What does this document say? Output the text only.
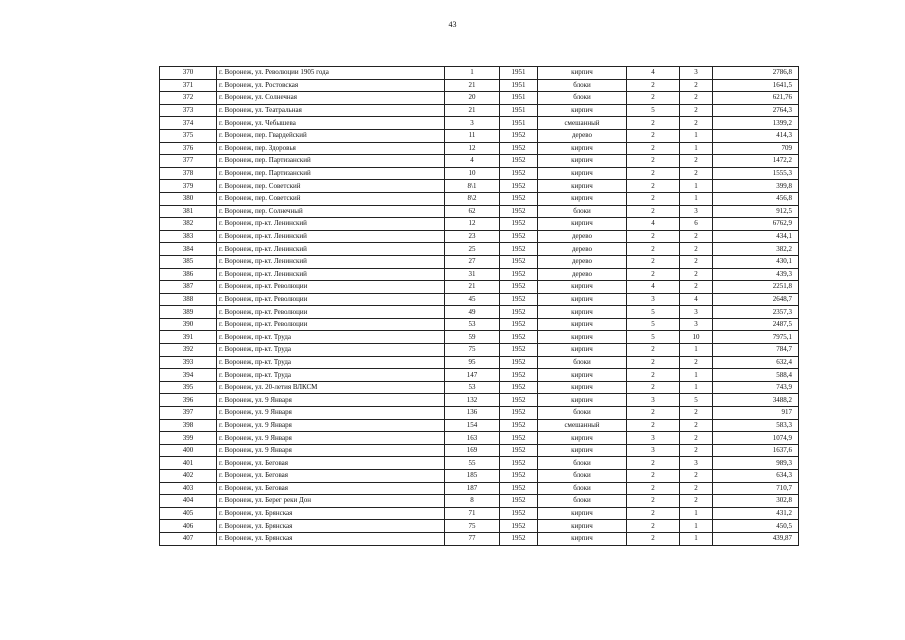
43
370	г. Воронеж, ул. Революции 1905 года	1	1951	кирпич	4	3	2786,8
371	г. Воронеж, ул. Ростовская	21	1951	блоки	2	2	1641,5
372	г. Воронеж, ул. Солнечная	20	1951	блоки	2	2	621,76
373	г. Воронеж, ул. Театральная	21	1951	кирпич	5	2	2764,3
374	г. Воронеж, ул. Чебышева	3	1951	смешанный	2	2	1399,2
375	г. Воронеж, пер. Гвардейский	11	1952	дерево	2	1	414,3
376	г. Воронеж, пер. Здоровья	12	1952	кирпич	2	1	709
377	г. Воронеж, пер. Партизанский	4	1952	кирпич	2	2	1472,2
378	г. Воронеж, пер. Партизанский	10	1952	кирпич	2	2	1555,3
379	г. Воронеж, пер. Советский	8\1	1952	кирпич	2	1	399,8
380	г. Воронеж, пер. Советский	8\2	1952	кирпич	2	1	456,8
381	г. Воронеж, пер. Солнечный	62	1952	блоки	2	3	912,5
382	г. Воронеж, пр-кт. Ленинский	12	1952	кирпич	4	6	6762,9
383	г. Воронеж, пр-кт. Ленинский	23	1952	дерево	2	2	434,1
384	г. Воронеж, пр-кт. Ленинский	25	1952	дерево	2	2	382,2
385	г. Воронеж, пр-кт. Ленинский	27	1952	дерево	2	2	430,1
386	г. Воронеж, пр-кт. Ленинский	31	1952	дерево	2	2	439,3
387	г. Воронеж, пр-кт. Революции	21	1952	кирпич	4	2	2251,8
388	г. Воронеж, пр-кт. Революции	45	1952	кирпич	3	4	2648,7
389	г. Воронеж, пр-кт. Революции	49	1952	кирпич	5	3	2357,3
390	г. Воронеж, пр-кт. Революции	53	1952	кирпич	5	3	2487,5
391	г. Воронеж, пр-кт. Труда	59	1952	кирпич	5	10	7975,1
392	г. Воронеж, пр-кт. Труда	75	1952	кирпич	2	1	784,7
393	г. Воронеж, пр-кт. Труда	95	1952	блоки	2	2	632,4
394	г. Воронеж, пр-кт. Труда	147	1952	кирпич	2	1	588,4
395	г. Воронеж, ул. 20-летия ВЛКСМ	53	1952	кирпич	2	1	743,9
396	г. Воронеж, ул. 9 Января	132	1952	кирпич	3	5	3488,2
397	г. Воронеж, ул. 9 Января	136	1952	блоки	2	2	917
398	г. Воронеж, ул. 9 Января	154	1952	смешанный	2	2	583,3
399	г. Воронеж, ул. 9 Января	163	1952	кирпич	3	2	1074,9
400	г. Воронеж, ул. 9 Января	169	1952	кирпич	3	2	1637,6
401	г. Воронеж, ул. Беговая	55	1952	блоки	2	3	989,3
402	г. Воронеж, ул. Беговая	185	1952	блоки	2	2	634,3
403	г. Воронеж, ул. Беговая	187	1952	блоки	2	2	710,7
404	г. Воронеж, ул. Берег реки Дон	8	1952	блоки	2	2	302,8
405	г. Воронеж, ул. Брянская	71	1952	кирпич	2	1	431,2
406	г. Воронеж, ул. Брянская	75	1952	кирпич	2	1	450,5
407	г. Воронеж, ул. Брянская	77	1952	кирпич	2	1	439,87
